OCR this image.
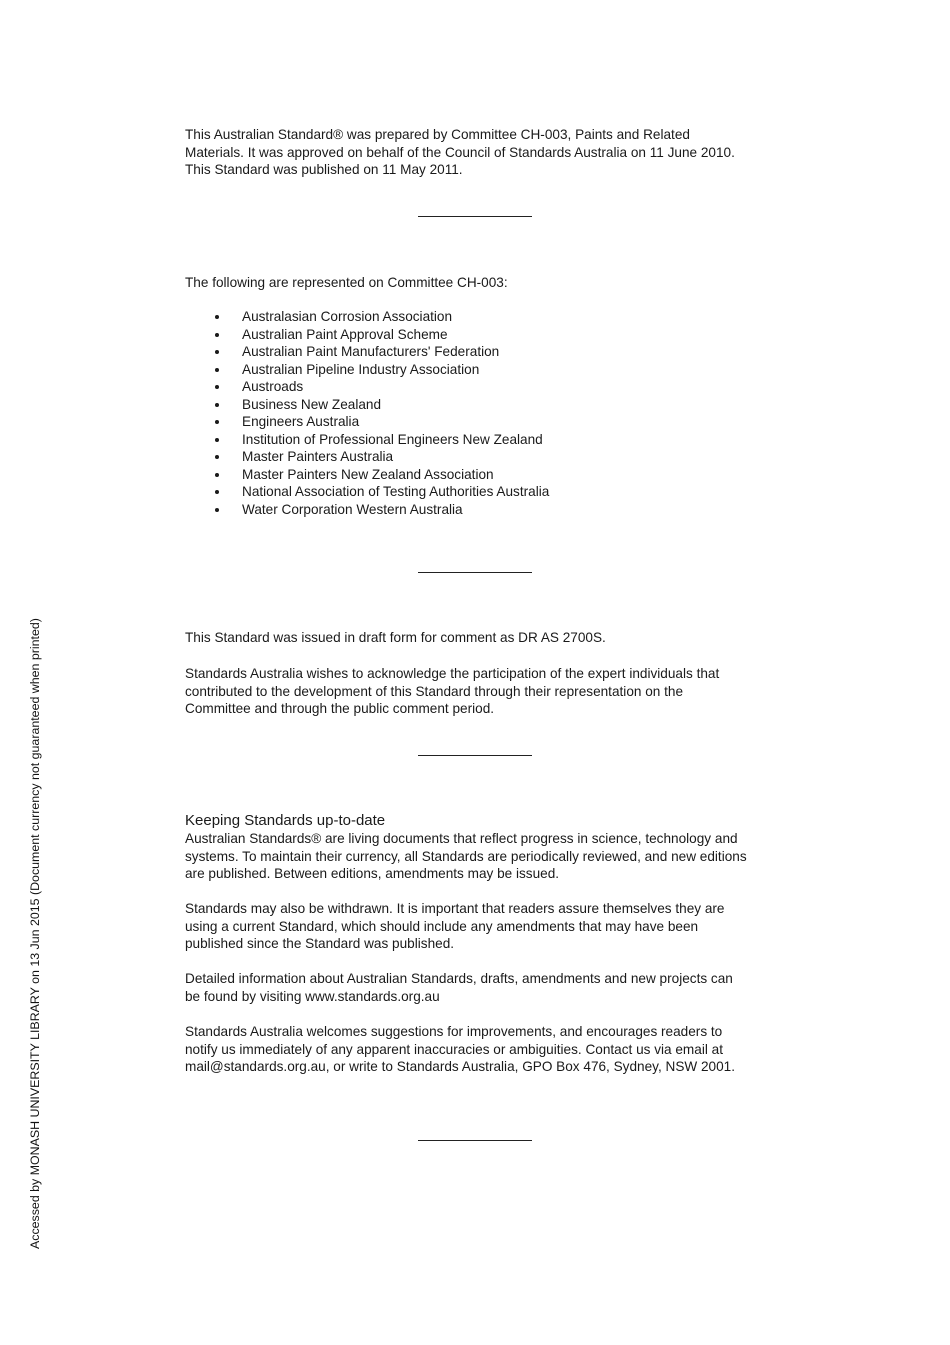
This Australian Standard® was prepared by Committee CH-003, Paints and Related
Materials. It was approved on behalf of the Council of Standards Australia on 11 June 2010.
This Standard was published on 11 May 2011.

The following are represented on Committee CH-003:

Australasian Corrosion Association
Australian Paint Approval Scheme
Australian Paint Manufacturers' Federation
Australian Pipeline Industry Association
Austroads
Business New Zealand
Engineers Australia
Institution of Professional Engineers New Zealand
Master Painters Australia
Master Painters New Zealand Association
National Association of Testing Authorities Australia
Water Corporation Western Australia

This Standard was issued in draft form for comment as DR AS 2700S.

Standards Australia wishes to acknowledge the participation of the expert individuals that
contributed to the development of this Standard through their representation on the
Committee and through the public comment period.

Keeping Standards up-to-date

Australian Standards® are living documents that reflect progress in science, technology and
systems. To maintain their currency, all Standards are periodically reviewed, and new editions
are published. Between editions, amendments may be issued.

Standards may also be withdrawn. It is important that readers assure themselves they are
using a current Standard, which should include any amendments that may have been
published since the Standard was published.

Detailed information about Australian Standards, drafts, amendments and new projects can
be found by visiting www.standards.org.au

Standards Australia welcomes suggestions for improvements, and encourages readers to
notify us immediately of any apparent inaccuracies or ambiguities. Contact us via email at
mail@standards.org.au, or write to Standards Australia, GPO Box 476, Sydney, NSW 2001.

Accessed by MONASH UNIVERSITY LIBRARY on 13 Jun 2015 (Document currency not guaranteed when printed)
